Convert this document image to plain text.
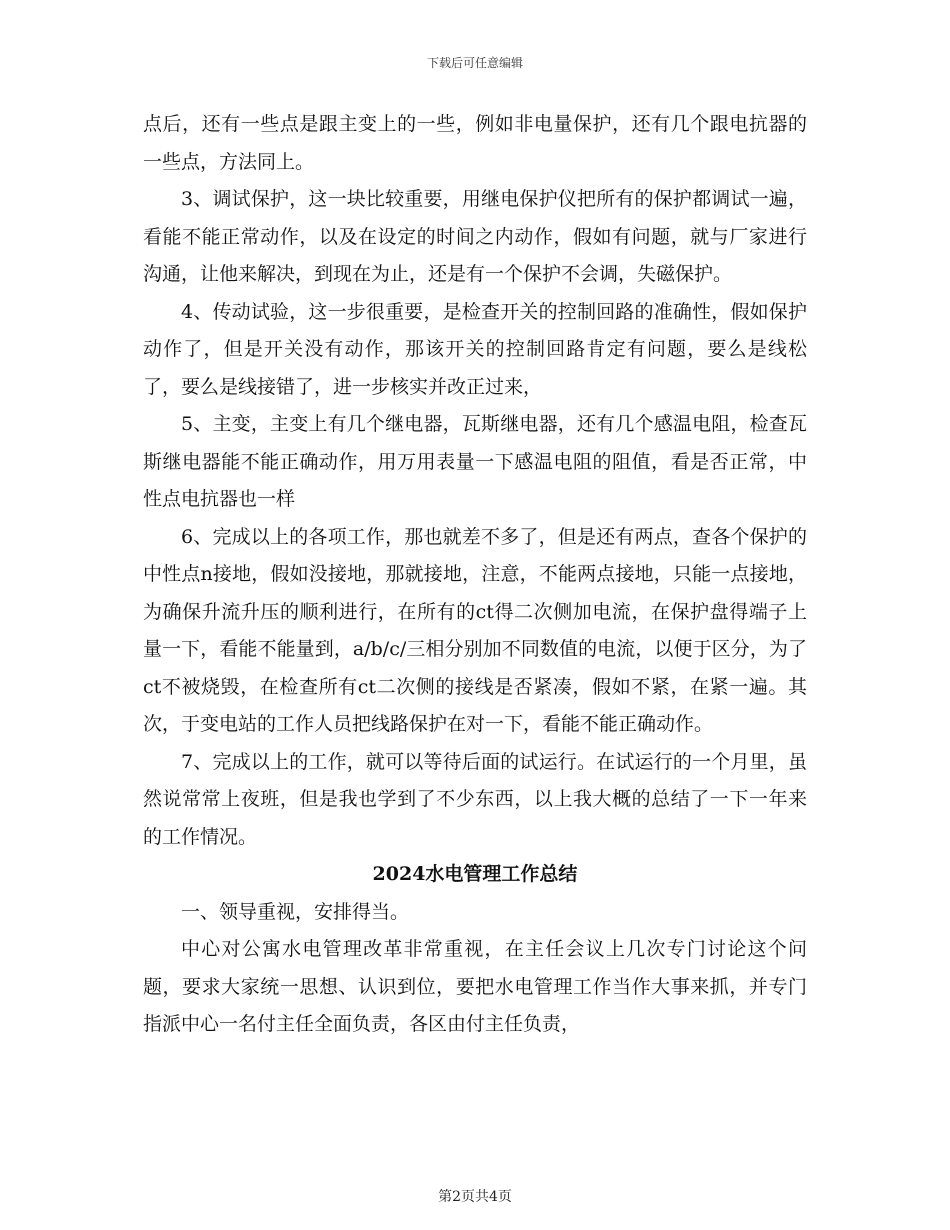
下载后可任意编辑

点后，还有一些点是跟主变上的一些，例如非电量保护，还有几个跟电抗器的一些点，方法同上。

3、调试保护，这一块比较重要，用继电保护仪把所有的保护都调试一遍，看能不能正常动作，以及在设定的时间之内动作，假如有问题，就与厂家进行沟通，让他来解决，到现在为止，还是有一个保护不会调，失磁保护。

4、传动试验，这一步很重要，是检查开关的控制回路的准确性，假如保护动作了，但是开关没有动作，那该开关的控制回路肯定有问题，要么是线松了，要么是线接错了，进一步核实并改正过来，

5、主变，主变上有几个继电器，瓦斯继电器，还有几个感温电阻，检查瓦斯继电器能不能正确动作，用万用表量一下感温电阻的阻值，看是否正常，中性点电抗器也一样

6、完成以上的各项工作，那也就差不多了，但是还有两点，查各个保护的中性点n接地，假如没接地，那就接地，注意，不能两点接地，只能一点接地，为确保升流升压的顺利进行，在所有的ct得二次侧加电流，在保护盘得端子上量一下，看能不能量到，a/b/c/三相分别加不同数值的电流，以便于区分，为了ct不被烧毁，在检查所有ct二次侧的接线是否紧凑，假如不紧，在紧一遍。其次，于变电站的工作人员把线路保护在对一下，看能不能正确动作。

7、完成以上的工作，就可以等待后面的试运行。在试运行的一个月里，虽然说常常上夜班，但是我也学到了不少东西，以上我大概的总结了一下一年来的工作情况。

2024水电管理工作总结

一、领导重视，安排得当。

中心对公寓水电管理改革非常重视，在主任会议上几次专门讨论这个问题，要求大家统一思想、认识到位，要把水电管理工作当作大事来抓，并专门指派中心一名付主任全面负责，各区由付主任负责，

第2页共4页
